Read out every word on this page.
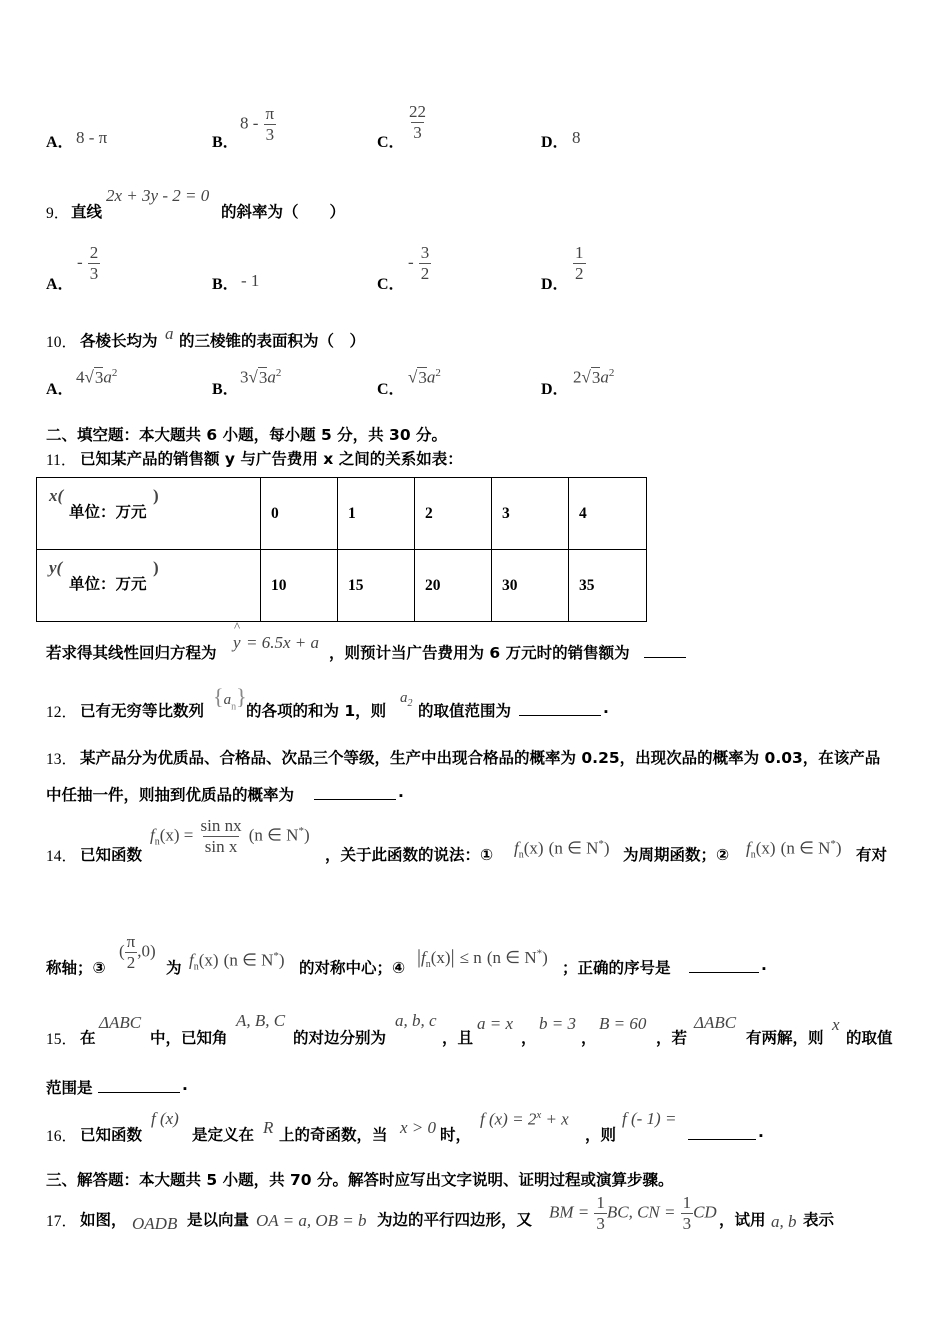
A． 8 - π	B．
$8 - \frac{\pi}{3}$	C．
$\frac{22}{3}$
D． 8
9． 直线
2x + 3y - 2 = 0
的斜率为（　　）
A．
- $\frac{2}{3}$
B． - 1	C．
- $\frac{3}{2}$
D．
$\frac{1}{2}$
10． 各棱长均为 a 的三棱锥的表面积为（　）
A．
$4√3a^2$
B．
$3√3a^2$
C．
$√3a^2$
D．
$2√3a^2$
二、填空题：本大题共 6 小题，每小题 5 分，共 30 分。
11． 已知某产品的销售额 y 与广告费用 x 之间的关系如表：
x(
单位：万元
)	0	1	2	3	4

y(
单位：万元
)	10	15	20	30	35
若求得其线性回归方程为
^
y = 6.5x + a
，则预计当广告费用为 6 万元时的销售额为
12． 已有无穷等比数列
$\{a_n\}$
的各项的和为 1，则
$a_2$ 的取值范围为	.
13． 某产品分为优质品、合格品、次品三个等级，生产中出现合格品的概率为 0.25，出现次品的概率为 0.03，在该产品
中任抽一件，则抽到优质品的概率为	.
14． 已知函数
$f_n(x) = \frac{\text{sin nx}}{\text{sin x}} (n$ ∈ N*)
，关于此函数的说法：① $f_n(x)$ (n ∈ N*) 为周期函数；② $f_n(x)$ (n ∈ N*) 有对
称轴；③
( $\frac{\pi}{2} ,0$)
为 $f_n(x)$ (n ∈ N*) 的对称中心；④ $|f_n(x)| \le n$ (n ∈ N*)
；正确的序号是	.
15． 在
ΔABC
中，已知角
A, B, C
的对边分别为
a, b, c
，且
a = x
，
b = 3
，
B = 60
，若
ΔABC
有两解，则
x
的取值
范围是	.
16． 已知函数
f (x)
是定义在 R 上的奇函数，当 x > 0 时，
f $(x) = 2^x + x$
，则
f (- 1) =
.
三、解答题：本大题共 5 小题，共 70 分。解答时应写出文字说明、证明过程或演算步骤。
17． 如图， OADB 是以向量 OA = a, OB = b 为边的平行四边形，又 BM = $\frac{1}{3}$ BC, CN = $\frac{1}{3}$ CD ，试用 a, b 表示
